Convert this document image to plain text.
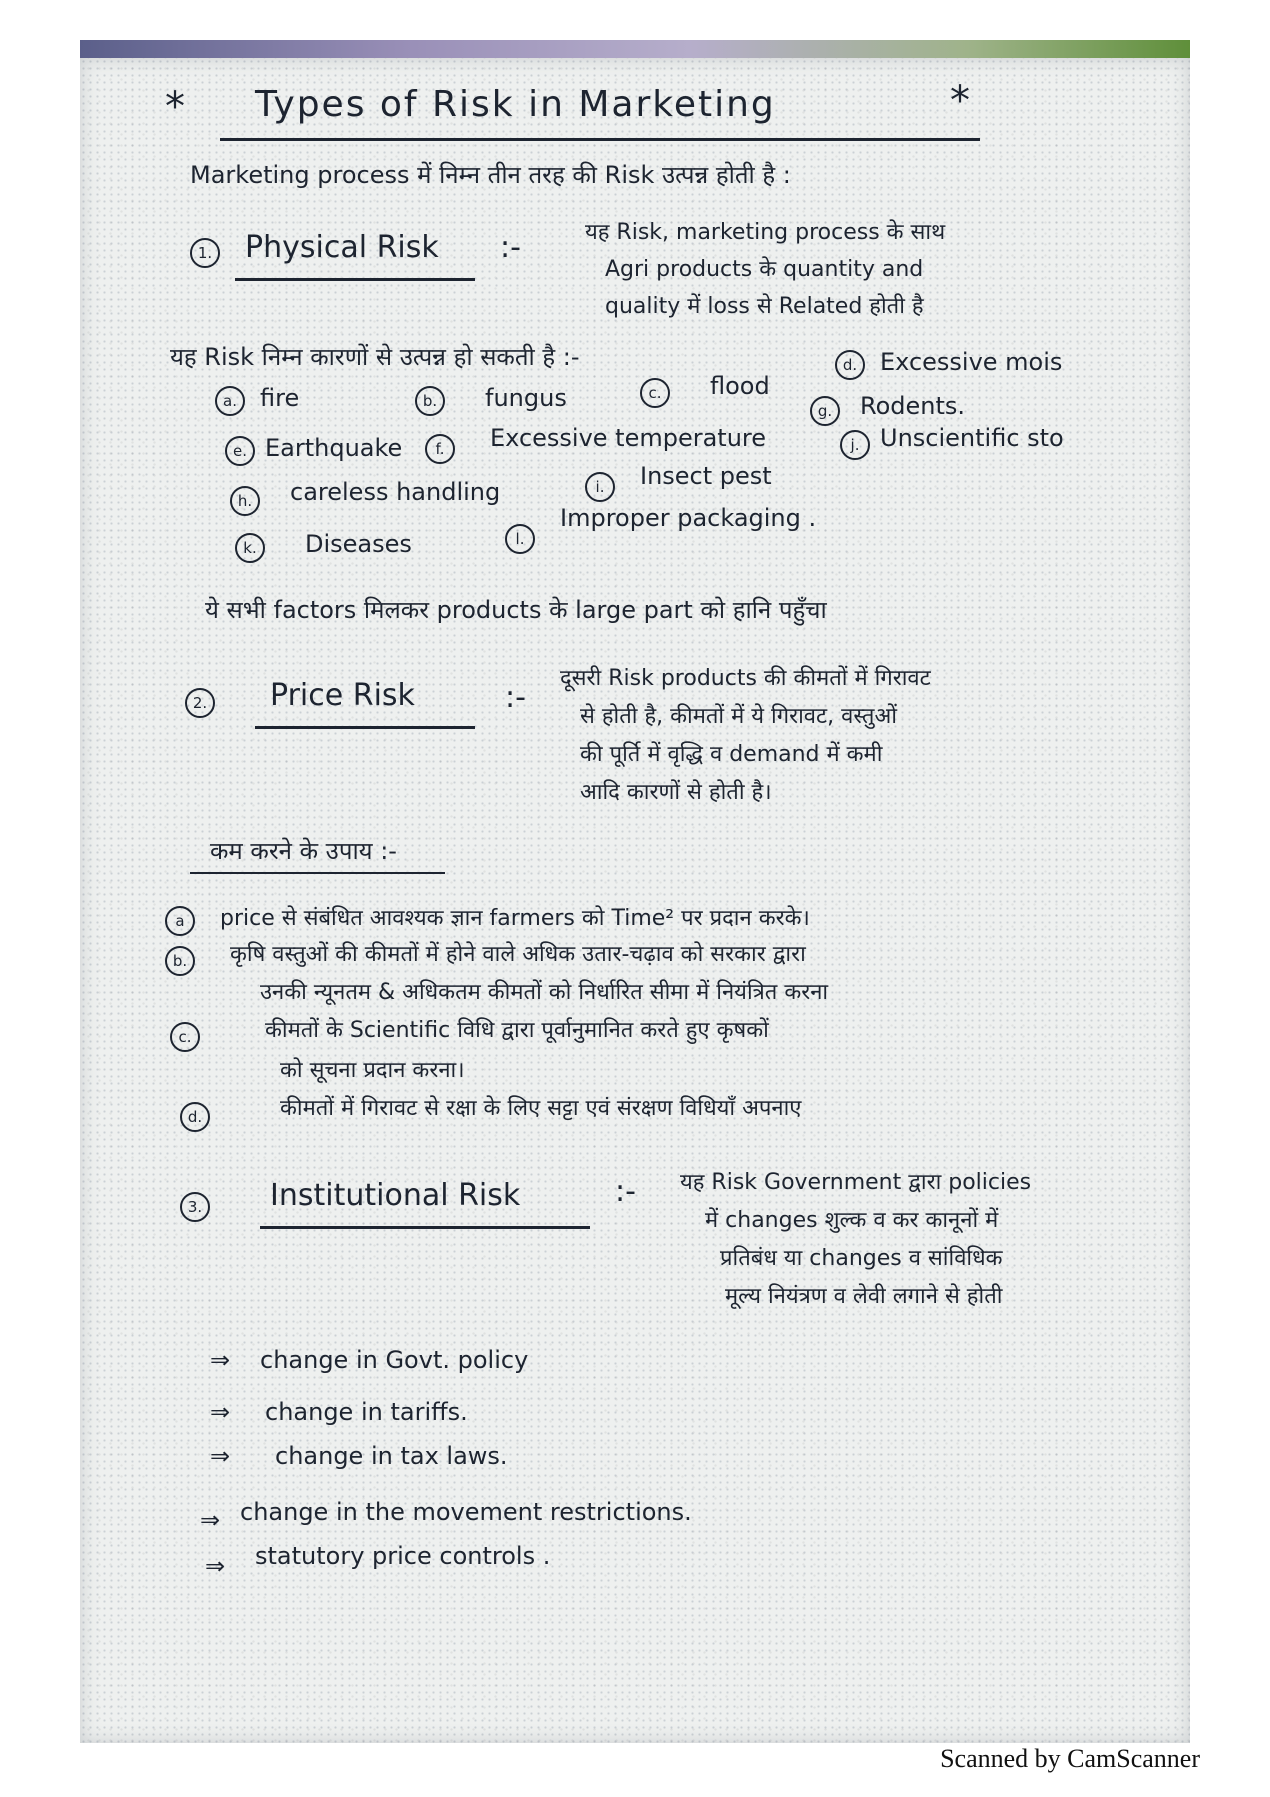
* Types of Risk in Marketing	*
Marketing process में निम्न तीन तरह की Risk उत्पन्न होती है :
1. Physical Risk :-	यह Risk, marketing process के साथ
Agri products के quantity and
quality में loss से Related होती है
यह Risk निम्न कारणों से उत्पन्न हो सकती है :-
a. fire	b.	fungus	c.	flood
d. Excessive mois
g.	Rodents.
e. Earthquake	f.	Excessive temperature	j. Unscientific sto
h.	careless handling	i.	Insect pest
k.	Diseases	l.
Improper packaging .
ये सभी factors मिलकर products के large part को हानि पहुँचा
2. Price Risk	:-
दूसरी Risk products की कीमतों में गिरावट
से होती है, कीमतों में ये गिरावट, वस्तुओं
की पूर्ति में वृद्धि व demand में कमी
आदि कारणों से होती है।
कम करने के उपाय :-
a	price से संबंधित आवश्यक ज्ञान farmers को Time² पर प्रदान करके।
b.	कृषि वस्तुओं की कीमतों में होने वाले अधिक उतार-चढ़ाव को सरकार द्वारा
उनकी न्यूनतम & अधिकतम कीमतों को निर्धारित सीमा में नियंत्रित करना
c.	कीमतों के Scientific विधि द्वारा पूर्वानुमानित करते हुए कृषकों
को सूचना प्रदान करना।
d.	कीमतों में गिरावट से रक्षा के लिए सट्टा एवं संरक्षण विधियाँ अपनाए
3. Institutional Risk	:- यह Risk Government द्वारा policies
में changes शुल्क व कर कानूनों में
प्रतिबंध या changes व सांविधिक
मूल्य नियंत्रण व लेवी लगाने से होती
⇒ change in Govt. policy
⇒ change in tariffs.
⇒ change in tax laws.
⇒ change in the movement restrictions.
⇒ statutory price controls .
Scanned by CamScanner
